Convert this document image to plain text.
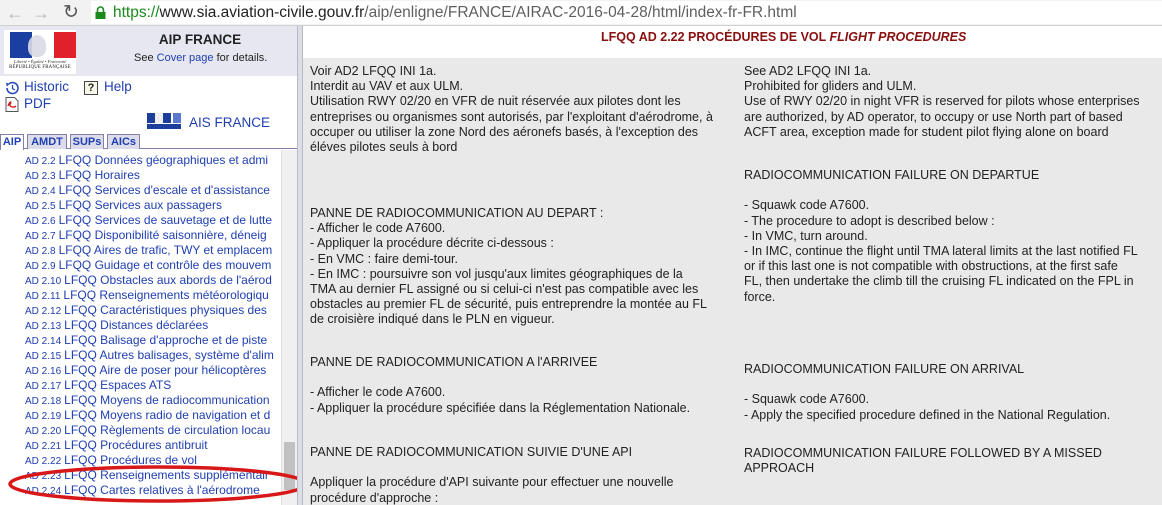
← → ↻ https://www.sia.aviation-civile.gouv.fr/aip/enligne/FRANCE/AIRAC-2016-04-28/html/index-fr-FR.html
Liberté • Égalité • Fraternité
RÉPUBLIQUE FRANÇAISE
AIP FRANCE
See Cover page for details.
Historic	? Help
PDF
AIS FRANCE
AIP AMDT SUPs AICs
AD 2.2 LFQQ Données géographiques et admi
AD 2.3 LFQQ Horaires
AD 2.4 LFQQ Services d'escale et d'assistance
AD 2.5 LFQQ Services aux passagers
AD 2.6 LFQQ Services de sauvetage et de lutte
AD 2.7 LFQQ Disponibilité saisonnière, déneig
AD 2.8 LFQQ Aires de trafic, TWY et emplacem
AD 2.9 LFQQ Guidage et contrôle des mouvem
AD 2.10 LFQQ Obstacles aux abords de l'aérod
AD 2.11 LFQQ Renseignements météorologiqu
AD 2.12 LFQQ Caractéristiques physiques des
AD 2.13 LFQQ Distances déclarées
AD 2.14 LFQQ Balisage d'approche et de piste
AD 2.15 LFQQ Autres balisages, système d'alim
AD 2.16 LFQQ Aire de poser pour hélicoptères
AD 2.17 LFQQ Espaces ATS
AD 2.18 LFQQ Moyens de radiocommunication
AD 2.19 LFQQ Moyens radio de navigation et d
AD 2.20 LFQQ Règlements de circulation locau
AD 2.21 LFQQ Procédures antibruit
AD 2.22 LFQQ Procédures de vol
AD 2.23 LFQQ Renseignements supplémentair
AD 2.24 LFQQ Cartes relatives à l'aérodrome
LFQQ AD 2.22 PROCÉDURES DE VOL FLIGHT PROCEDURES
Voir AD2 LFQQ INI 1a.
Interdit au VAV et aux ULM.
Utilisation RWY 02/20 en VFR de nuit réservée aux pilotes dont les
entreprises ou organismes sont autorisés, par l'exploitant d'aérodrome, à
occuper ou utiliser la zone Nord des aéronefs basés, à l'exception des
éléves pilotes seuls à bord
PANNE DE RADIOCOMMUNICATION AU DEPART :
- Afficher le code A7600.
- Appliquer la procédure décrite ci-dessous :
- En VMC : faire demi-tour.
- En IMC : poursuivre son vol jusqu'aux limites géographiques de la
TMA au dernier FL assigné ou si celui-ci n'est pas compatible avec les
obstacles au premier FL de sécurité, puis entreprendre la montée au FL
de croisière indiqué dans le PLN en vigueur.
PANNE DE RADIOCOMMUNICATION A l'ARRIVEE

- Afficher le code A7600.
- Appliquer la procédure spécifiée dans la Réglementation Nationale.
PANNE DE RADIOCOMMUNICATION SUIVIE D'UNE API

Appliquer la procédure d'API suivante pour effectuer une nouvelle
procédure d'approche :
See AD2 LFQQ INI 1a.
Prohibited for gliders and ULM.
Use of RWY 02/20 in night VFR is reserved for pilots whose enterprises
are authorized, by AD operator, to occupy or use North part of based
ACFT area, exception made for student pilot flying alone on board
RADIOCOMMUNICATION FAILURE ON DEPARTUE

- Squawk code A7600.
- The procedure to adopt is described below :
- In VMC, turn around.
- In IMC, continue the flight until TMA lateral limits at the last notified FL
or if this last one is not compatible with obstructions, at the first safe
FL, then undertake the climb till the cruising FL indicated on the FPL in
force.
RADIOCOMMUNICATION FAILURE ON ARRIVAL

- Squawk code A7600.
- Apply the specified procedure defined in the National Regulation.
RADIOCOMMUNICATION FAILURE FOLLOWED BY A MISSED
APPROACH
